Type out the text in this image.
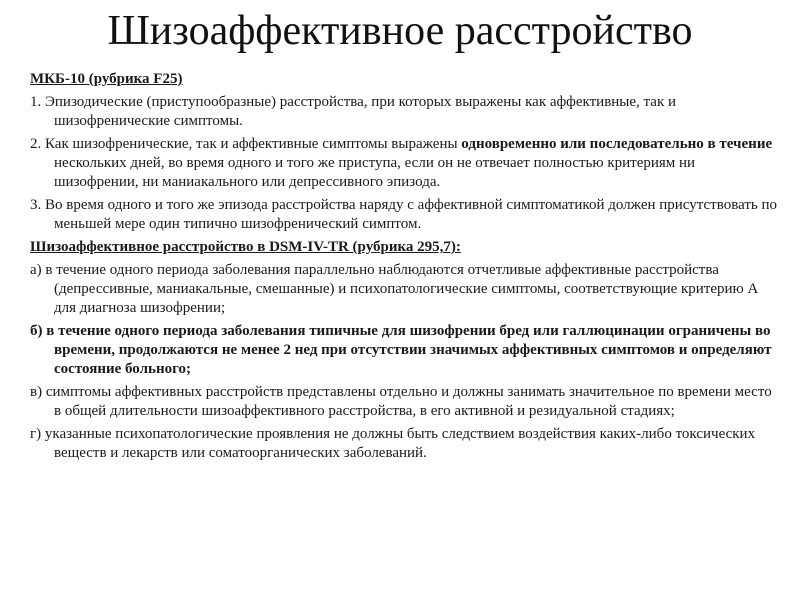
Шизоаффективное расстройство

МКБ-10 (рубрика F25)

1. Эпизодические (приступообразные) расстройства, при которых выражены как аффективные, так и шизофренические симптомы.

2. Как шизофренические, так и аффективные симптомы выражены одновременно или последовательно в течение нескольких дней, во время одного и того же приступа, если он не отвечает полностью критериям ни шизофрении, ни маниакального или депрессивного эпизода.

3. Во время одного и того же эпизода расстройства наряду с аффективной симптоматикой должен присутствовать по меньшей мере один типично шизофренический симптом.

Шизоаффективное расстройство в DSM-IV-TR (рубрика 295,7):

а) в течение одного периода заболевания параллельно наблюдаются отчетливые аффективные расстройства (депрессивные, маниакальные, смешанные) и психопатологические симптомы, соответствующие критерию А для диагноза шизофрении;

б) в течение одного периода заболевания типичные для шизофрении бред или галлюцинации ограничены во времени, продолжаются не менее 2 нед при отсутствии значимых аффективных симптомов и определяют состояние больного;

в) симптомы аффективных расстройств представлены отдельно и должны занимать значительное по времени место в общей длительности шизоаффективного расстройства, в его активной и резидуальной стадиях;

г) указанные психопатологические проявления не должны быть следствием воздействия каких-либо токсических веществ и лекарств или соматоорганических заболеваний.
